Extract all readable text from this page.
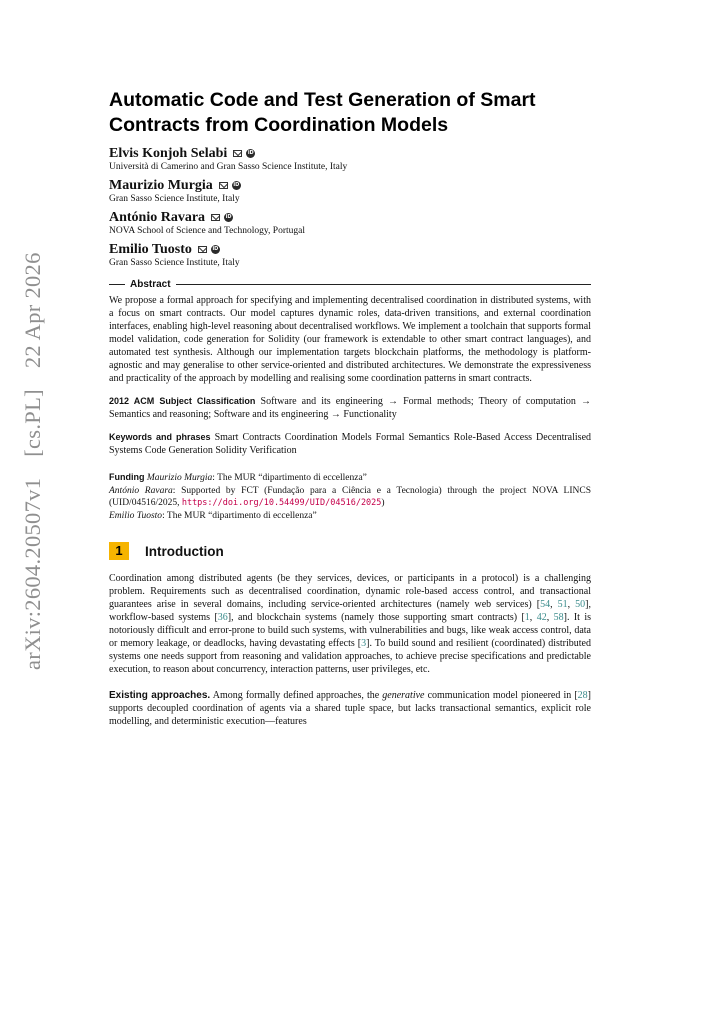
arXiv:2604.20507v1 [cs.PL] 22 Apr 2026
Automatic Code and Test Generation of Smart Contracts from Coordination Models
Elvis Konjoh Selabi	iD
Università di Camerino and Gran Sasso Science Institute, Italy
Maurizio Murgia	iD
Gran Sasso Science Institute, Italy
António Ravara	iD
NOVA School of Science and Technology, Portugal
Emilio Tuosto	iD
Gran Sasso Science Institute, Italy
Abstract

We propose a formal approach for specifying and implementing decentralised coordination in distributed systems, with a focus on smart contracts. Our model captures dynamic roles, data-driven transitions, and external coordination interfaces, enabling high-level reasoning about decentralised workflows. We implement a toolchain that supports formal model validation, code generation for Solidity (our framework is extendable to other smart contract languages), and automated test synthesis. Although our implementation targets blockchain platforms, the methodology is platform-agnostic and may generalise to other service-oriented and distributed architectures. We demonstrate the expressiveness and practicality of the approach by modelling and realising some coordination patterns in smart contracts.

2012 ACM Subject Classification Software and its engineering → Formal methods; Theory of computation → Semantics and reasoning; Software and its engineering → Functionality

Keywords and phrases Smart Contracts Coordination Models Formal Semantics Role-Based Access Decentralised Systems Code Generation Solidity Verification

Funding Maurizio Murgia: The MUR “dipartimento di eccellenza”
António Ravara: Supported by FCT (Fundação para a Ciência e a Tecnologia) through the project NOVA LINCS (UID/04516/2025, https://doi.org/10.54499/UID/04516/2025)
Emilio Tuosto: The MUR “dipartimento di eccellenza”
1	Introduction

Coordination among distributed agents (be they services, devices, or participants in a protocol) is a challenging problem. Requirements such as decentralised coordination, dynamic role-based access control, and transactional guarantees arise in several domains, including service-oriented architectures (namely web services) [54, 51, 50], workflow-based systems [36], and blockchain systems (namely those supporting smart contracts) [1, 42, 58]. It is notoriously difficult and error-prone to build such systems, with vulnerabilities and bugs, like weak access control, data or memory leakage, or deadlocks, having devastating effects [3]. To build sound and resilient (coordinated) distributed systems one needs support from reasoning and validation approaches, to achieve precise specifications and predictable execution, to reason about concurrency, interaction patterns, user privileges, etc.

Existing approaches. Among formally defined approaches, the generative communication model pioneered in [28] supports decoupled coordination of agents via a shared tuple space, but lacks transactional semantics, explicit role modelling, and deterministic execution—features
